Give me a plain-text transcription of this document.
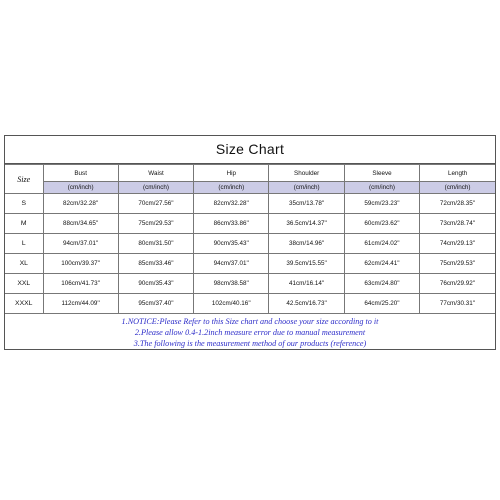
Size Chart
Size	Bust	Waist	Hip	Shoulder	Sleeve	Length
	(cm/inch)	(cm/inch)	(cm/inch)	(cm/inch)	(cm/inch)	(cm/inch)
S	82cm/32.28''	70cm/27.56''	82cm/32.28''	35cm/13.78''	59cm/23.23''	72cm/28.35''
M	88cm/34.65''	75cm/29.53''	86cm/33.86''	36.5cm/14.37''	60cm/23.62''	73cm/28.74''
L	94cm/37.01''	80cm/31.50''	90cm/35.43''	38cm/14.96''	61cm/24.02''	74cm/29.13''
XL	100cm/39.37''	85cm/33.46''	94cm/37.01''	39.5cm/15.55''	62cm/24.41''	75cm/29.53''
XXL	106cm/41.73''	90cm/35.43''	98cm/38.58''	41cm/16.14''	63cm/24.80''	76cm/29.92''
XXXL	112cm/44.09''	95cm/37.40''	102cm/40.16''	42.5cm/16.73''	64cm/25.20''	77cm/30.31''
1.NOTICE:Please Refer to this Size chart and choose your size according to it
2.Please allow 0.4-1.2inch measure error due to manual measurement
3.The following is the measurement method of our products (reference)
